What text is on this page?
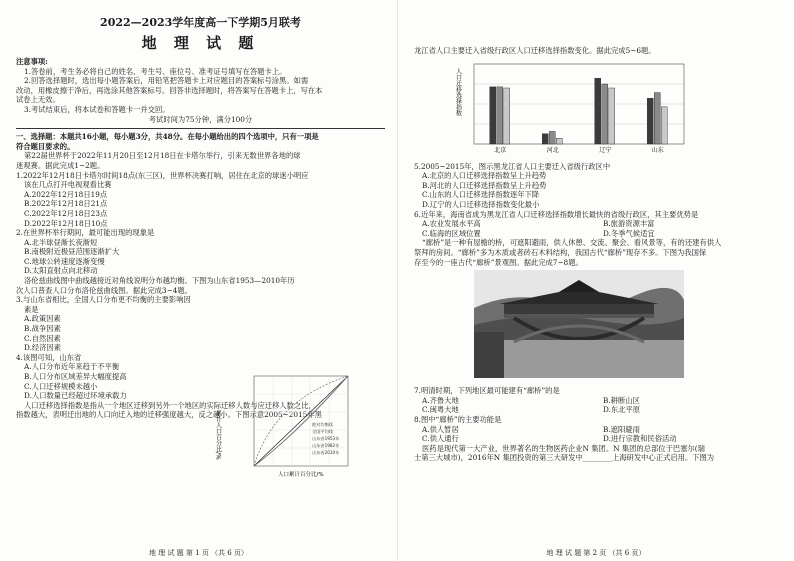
2022—2023学年度高一下学期5月联考

地 理 试 题

注意事项:

1.答卷前，考生务必将自己的姓名、考生号、座位号、准考证号填写在答题卡上。

2.回答选择题时，选出每小题答案后，用铅笔把答题卡上对应题目的答案标号涂黑。如需

改动，用橡皮擦干净后，再选涂其他答案标号。回答非选择题时，将答案写在答题卡上，写在本

试卷上无效。

3.考试结束后，将本试卷和答题卡一并交回。

考试时间为75分钟，满分100分

一、选择题：本题共16小题，每小题3分，共48分。在每小题给出的四个选项中，只有一项是

符合题目要求的。

第22届世界杯于2022年11月20日至12月18日在卡塔尔举行，引来无数世界各地的球

迷观赛。据此完成1~2题。

1.2022年12月18日卡塔尔时间18点(东三区)，世界杯决赛打响，居住在北京的球迷小明应

该在几点打开电视观看比赛

A.2022年12月18日19点

B.2022年12月18日21点

C.2022年12月18日23点

D.2022年12月18日10点

2.在世界杯举行期间，最可能出现的现象是

A.北半球昼渐长夜渐短

B.南极附近极昼范围逐渐扩大

C.地球公转速度逐渐变慢

D.太阳直射点向北移动

洛伦兹曲线图中曲线越接近对角线说明分布越均衡。下图为山东省1953—2010年历

次人口普查人口分布洛伦兹曲线图。据此完成3~4题。

3.与山东省相比，全国人口分布更不均衡的主要影响因

素是

A.政策因素

B.战争因素

C.自然因素

D.经济因素

4.该图可知，山东省

A.人口分布近年来趋于不平衡

B.人口分布区域差异大幅度提高

C.人口迁移规模未越小

D.人口数量已经超过环境承载力

人口迁移选择指数是指从一个地区迁移到另外一个地区的实际迁移人数与应迁移人数之比，

指数越大，表明迁出地的人口向迁入地的迁移强度越大，反之越小。下图示意2005~2015年黑

地 理 试 题 第 1 页 （共 6 页）
累计人口百分比/%	绝对均衡线
全国平均线
山东省1953年
山东省1982年
山东省2010年
人口累计百分比/%

龙江省人口主要迁入省级行政区人口迁移选择指数变化。据此完成5~6题。

人口迁移选择指数
北京	河北	辽宁	山东

5.2005~2015年，图示黑龙江省人口主要迁入省级行政区中

A.北京的人口迁移选择指数呈上升趋势

B.河北的人口迁移选择指数呈上升趋势

C.山东的人口迁移选择指数逐年下降

D.辽宁的人口迁移选择指数变化最小

6.近年来，海南省成为黑龙江省人口迁移选择指数增长最快的省级行政区，其主要优势是

A.农业发展水平高	B.旅游资源丰富

C.临海的区域位置	D.冬季气候适宜

“廊桥”是一种有屋檐的桥，可遮阳避雨，供人休憩、交流、聚会、看风景等，有的还建有供人

祭拜的房间。“廊桥”多为木质或者砖石木料结构，我国古代“廊桥”现存不多。下图为我国保

存至今的一座古代“廊桥”景观图。据此完成7~8题。

7.明清时期，下列地区最可能建有“廊桥”的是

A.齐鲁大地	B.耕断山区

C.闽粤大地	D.东北平原

8.图中“廊桥”的主要功能是

A.供人暂居	B.遮阳避雨

C.供人通行	D.进行宗教和民俗活动

医药是现代第一大产业，世界著名的生物医药企业N 集团。N 集团的总部位于巴塞尔(瑞

士第三大城市)，2016年N 集团投资的第三大研发中________上海研发中心正式启用。下图为

地 理 试 题 第 2 页 （共 6 页）
